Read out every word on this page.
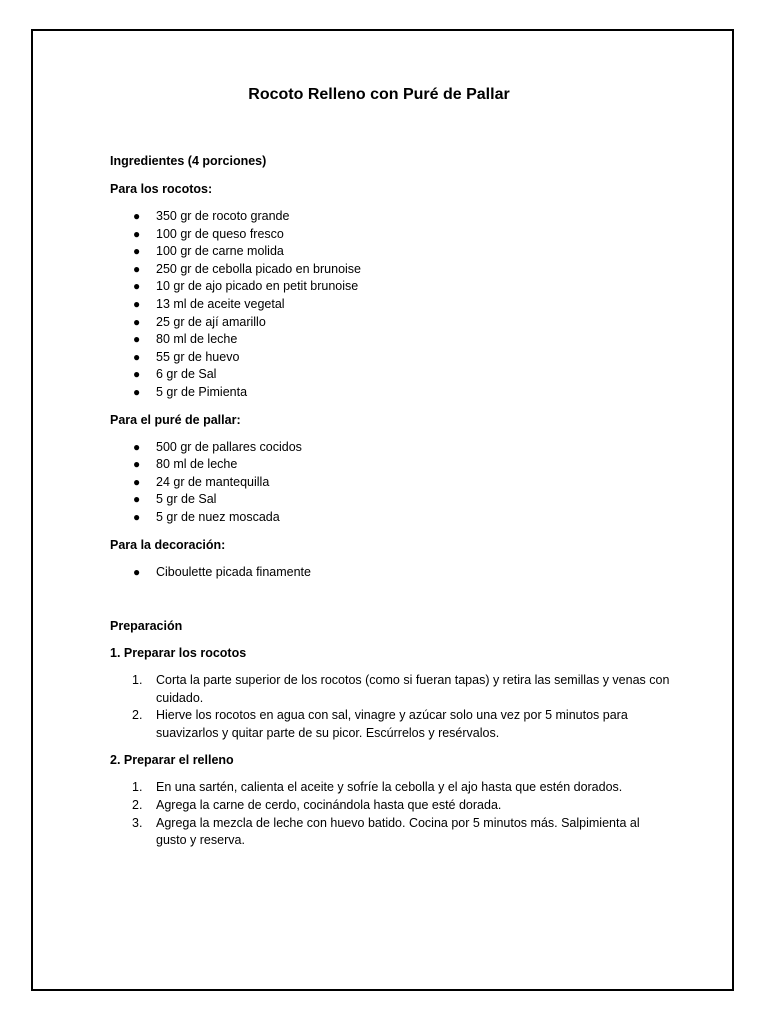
Rocoto Relleno con Puré de Pallar

Ingredientes (4 porciones)

Para los rocotos:

● 350 gr de rocoto grande
● 100 gr de queso fresco
● 100 gr de carne molida
● 250 gr de cebolla picado en brunoise
● 10 gr de ajo picado en petit brunoise
● 13 ml de aceite vegetal
● 25 gr de ají amarillo
● 80 ml de leche
● 55 gr de huevo
● 6 gr de Sal
● 5 gr de Pimienta

Para el puré de pallar:

● 500 gr de pallares cocidos
● 80 ml de leche
● 24 gr de mantequilla
● 5 gr de Sal
● 5 gr de nuez moscada

Para la decoración:

● Ciboulette picada finamente

Preparación

1. Preparar los rocotos

1. Corta la parte superior de los rocotos (como si fueran tapas) y retira las semillas y venas con cuidado.
2. Hierve los rocotos en agua con sal, vinagre y azúcar solo una vez por 5 minutos para suavizarlos y quitar parte de su picor. Escúrrelos y resérvalos.

2. Preparar el relleno

1. En una sartén, calienta el aceite y sofríe la cebolla y el ajo hasta que estén dorados.
2. Agrega la carne de cerdo, cocinándola hasta que esté dorada.
3. Agrega la mezcla de leche con huevo batido. Cocina por 5 minutos más. Salpimienta al gusto y reserva.
